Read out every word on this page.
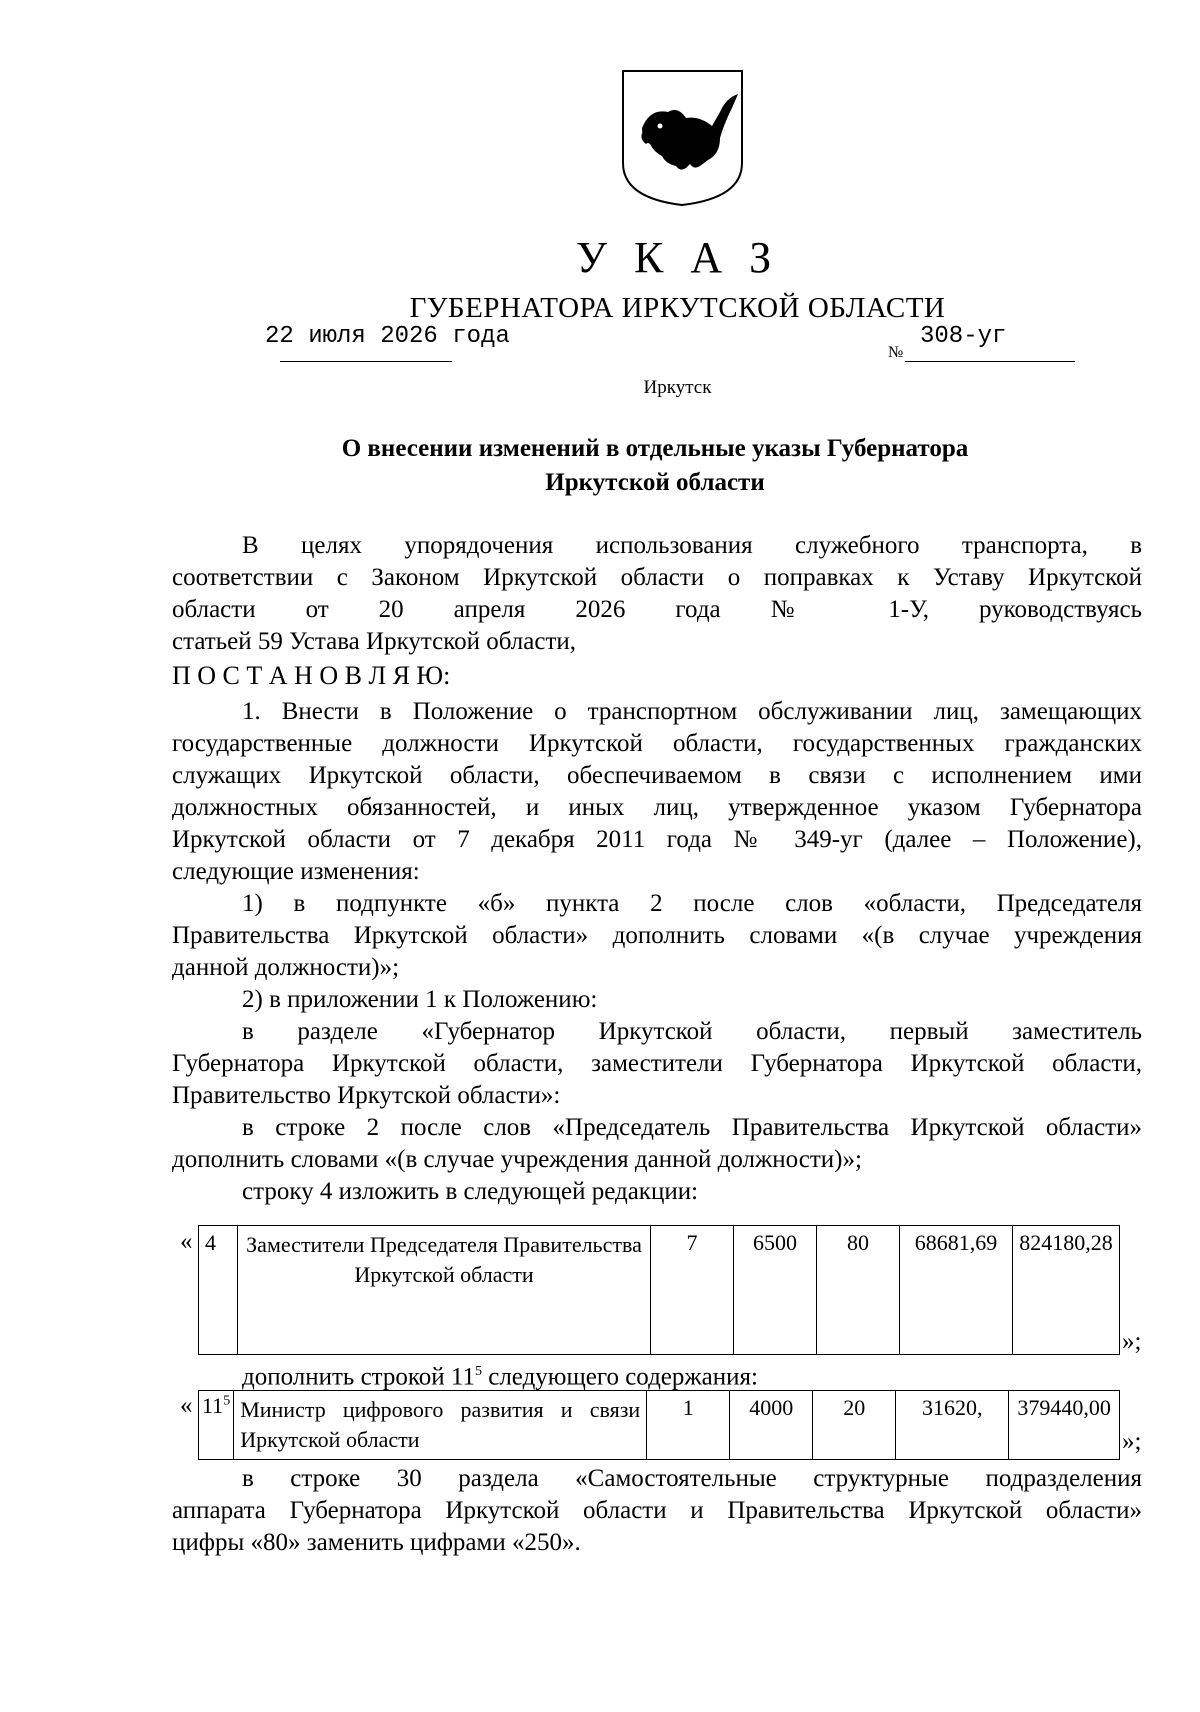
У К А З
ГУБЕРНАТОРА ИРКУТСКОЙ ОБЛАСТИ
22 июля 2026 года
№
308-уг
Иркутск
О внесении изменений в отдельные указы Губернатора
Иркутской области
В целях упорядочения использования служебного транспорта, в
соответствии с Законом Иркутской области о поправках к Уставу Иркутской
области от 20 апреля 2026 года № 1-У, руководствуясь
статьей 59 Устава Иркутской области,
П О С Т А Н О В Л Я Ю:
1. Внести в Положение о транспортном обслуживании лиц, замещающих
государственные должности Иркутской области, государственных гражданских
служащих Иркутской области, обеспечиваемом в связи с исполнением ими
должностных обязанностей, и иных лиц, утвержденное указом Губернатора
Иркутской области от 7 декабря 2011 года № 349-уг (далее – Положение),
следующие изменения:
1) в подпункте «б» пункта 2 после слов «области, Председателя
Правительства Иркутской области» дополнить словами «(в случае учреждения
данной должности)»;
2) в приложении 1 к Положению:
в разделе «Губернатор Иркутской области, первый заместитель
Губернатора Иркутской области, заместители Губернатора Иркутской области,
Правительство Иркутской области»:
в строке 2 после слов «Председатель Правительства Иркутской области»
дополнить словами «(в случае учреждения данной должности)»;
строку 4 изложить в следующей редакции:
« 4	Заместители Председателя Правительства Иркутской области	7	6500	80	68681,69	824180,28
»;
дополнить строкой $11^5$ следующего содержания:
« $11^5$	Министр цифрового развития и связи Иркутской области	1	4000	20	31620,	379440,00
»;
в строке 30 раздела «Самостоятельные структурные подразделения
аппарата Губернатора Иркутской области и Правительства Иркутской области»
цифры «80» заменить цифрами «250».
